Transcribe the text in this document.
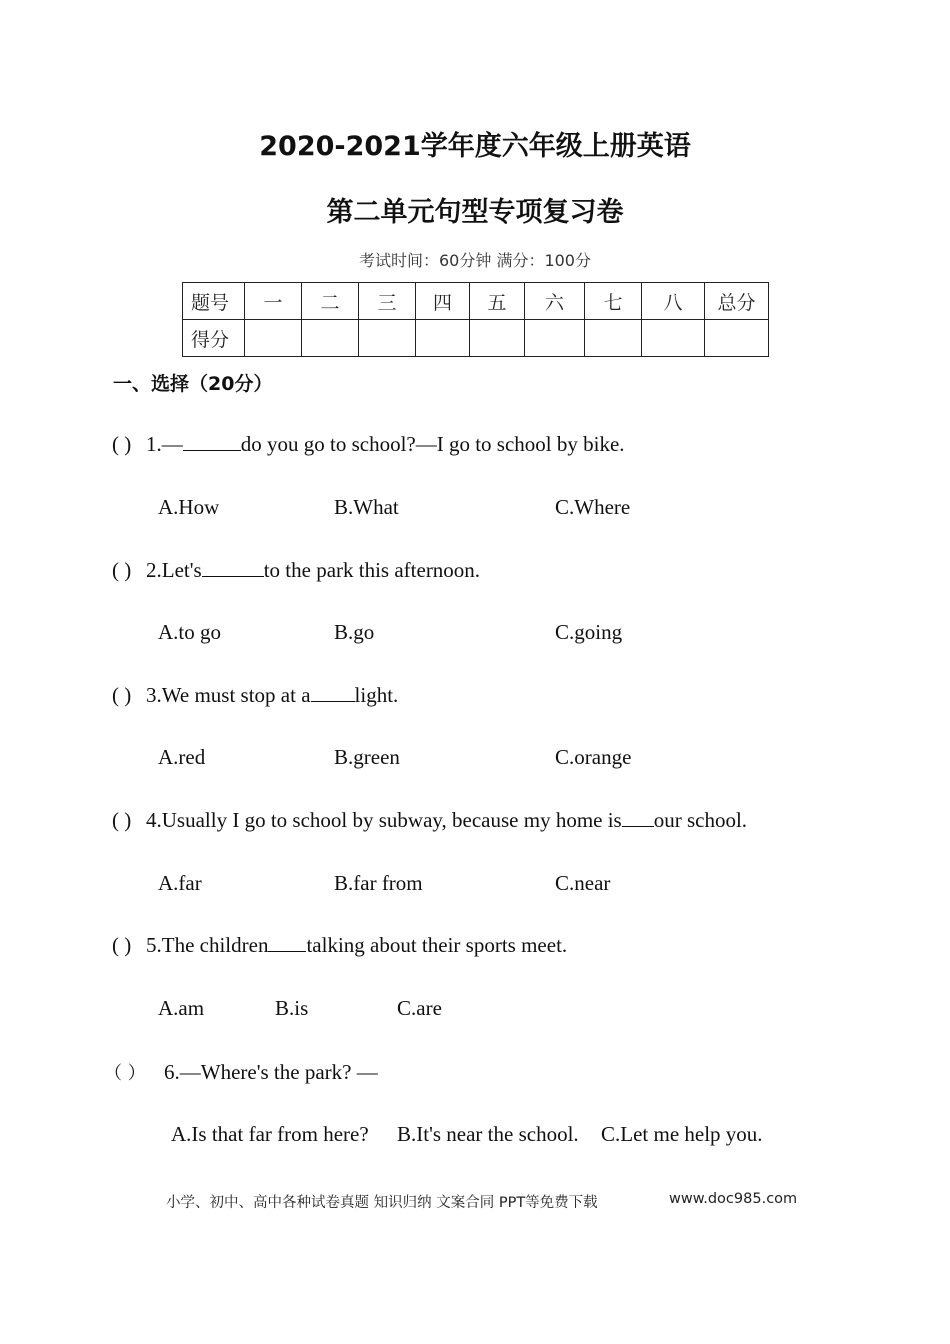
2020-2021学年度六年级上册英语
第二单元句型专项复习卷
考试时间：60分钟 满分：100分
题号	一	二	三	四	五	六	七	八	总分
得分									
一、选择（20分）
( ) 1.—	do you go to school?—I go to school by bike.
A.How	B.What	C.Where
( ) 2.Let's	to the park this afternoon.
A.to go	B.go	C.going
( ) 3.We must stop at a light.
A.red	B.green	C.orange
( ) 4.Usually I go to school by subway, because my home is our school.
A.far	B.far from	C.near
( ) 5.The children talking about their sports meet.
A.am	B.is	C.are
（ ） 6.—Where's the park? —
A.Is that far from here? B.It's near the school. C.Let me help you.
小学、初中、高中各种试卷真题 知识归纳 文案合同 PPT等免费下载	www.doc985.com
